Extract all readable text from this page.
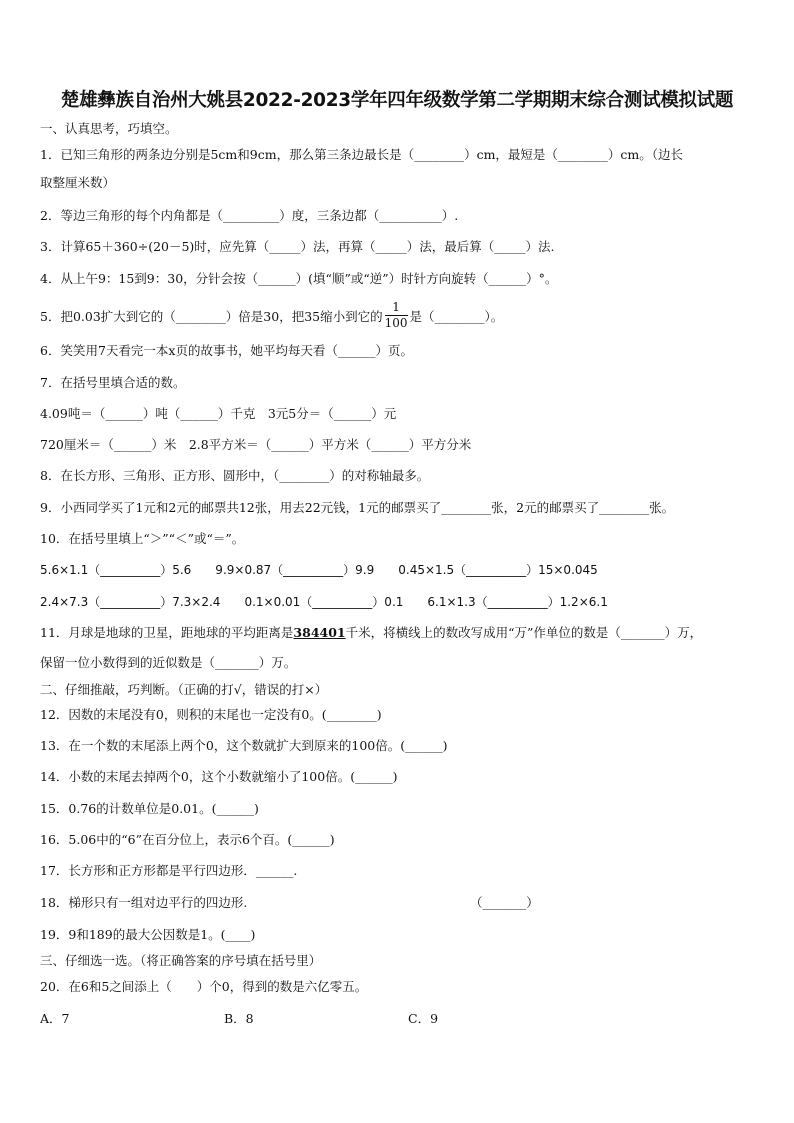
楚雄彝族自治州大姚县2022-2023学年四年级数学第二学期期末综合测试模拟试题
一、认真思考，巧填空。
1．已知三角形的两条边分别是5cm和9cm，那么第三条边最长是（________）cm，最短是（________）cm。（边长
取整厘米数）
2．等边三角形的每个内角都是（_________）度，三条边都（__________）.
3．计算65＋360÷(20－5)时，应先算（_____）法，再算（_____）法，最后算（_____）法.
4．从上午9：15到9：30，分针会按（______）(填“顺”或“逆”）时针方向旋转（______）°。
5．把0.03扩大到它的（________）倍是30，把35缩小到它的 $\frac{1}{100}$ 是（________）。
6．笑笑用7天看完一本x页的故事书，她平均每天看（______）页。
7．在括号里填合适的数。
4.09吨＝（______）吨（______）千克　3元5分＝（______）元
720厘米＝（______）米　2.8平方米＝（______）平方米（______）平方分米
8．在长方形、三角形、正方形、圆形中，（________）的对称轴最多。
9．小西同学买了1元和2元的邮票共12张，用去22元钱，1元的邮票买了________张，2元的邮票买了________张。
10．在括号里填上“＞”“＜”或“＝”。
5.6×1.1（__________）5.6　　9.9×0.87（__________）9.9　　0.45×1.5（__________）15×0.045
2.4×7.3（__________）7.3×2.4　　0.1×0.01（__________）0.1　　6.1×1.3（__________）1.2×6.1
11．月球是地球的卫星，距地球的平均距离是384401千米，将横线上的数改写成用“万”作单位的数是（_______）万，
保留一位小数得到的近似数是（_______）万。
二、仔细推敲，巧判断。（正确的打√，错误的打×）
12．因数的末尾没有0，则积的末尾也一定没有0。(________)
13．在一个数的末尾添上两个0，这个数就扩大到原来的100倍。(______)
14．小数的末尾去掉两个0，这个小数就缩小了100倍。(______)
15．0.76的计数单位是0.01。(______)
16．5.06中的“6”在百分位上，表示6个百。(______)
17．长方形和正方形都是平行四边形．______.
18．梯形只有一组对边平行的四边形.	（_______）
19．9和189的最大公因数是1。(____)
三、仔细选一选。（将正确答案的序号填在括号里）
20．在6和5之间添上（　　）个0，得到的数是六亿零五。
A．7	B．8	C．9
